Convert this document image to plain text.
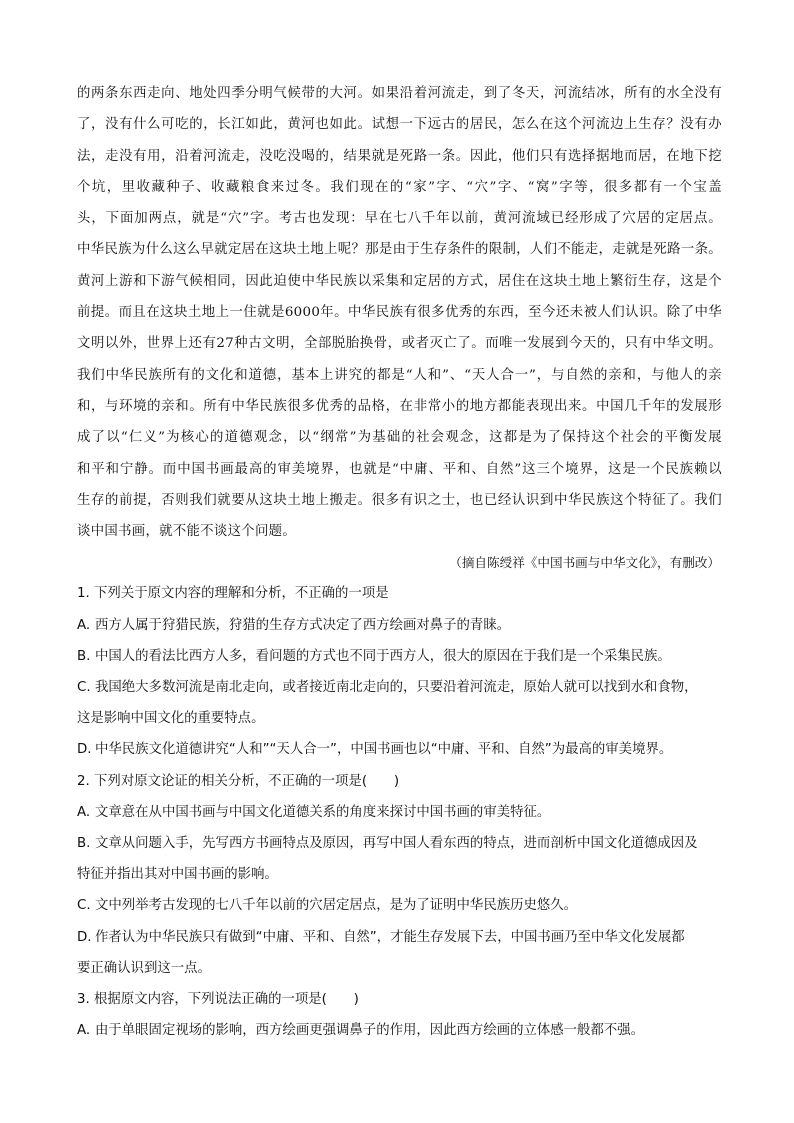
的两条东西走向、地处四季分明气候带的大河。如果沿着河流走，到了冬天，河流结冰，所有的水全没有
了，没有什么可吃的，长江如此，黄河也如此。试想一下远古的居民，怎么在这个河流边上生存？没有办
法，走没有用，沿着河流走，没吃没喝的，结果就是死路一条。因此，他们只有选择据地而居，在地下挖
个坑，里收藏种子、收藏粮食来过冬。我们现在的“家”字、“穴”字、“窝”字等，很多都有一个宝盖
头，下面加两点，就是“穴”字。考古也发现：早在七八千年以前，黄河流域已经形成了穴居的定居点。
中华民族为什么这么早就定居在这块土地上呢？那是由于生存条件的限制，人们不能走，走就是死路一条。
黄河上游和下游气候相同，因此迫使中华民族以采集和定居的方式，居住在这块土地上繁衍生存，这是个
前提。而且在这块土地上一住就是6000年。中华民族有很多优秀的东西，至今还未被人们认识。除了中华
文明以外，世界上还有27种古文明，全部脱胎换骨，或者灭亡了。而唯一发展到今天的，只有中华文明。
我们中华民族所有的文化和道德，基本上讲究的都是“人和”、“天人合一”，与自然的亲和，与他人的亲
和，与环境的亲和。所有中华民族很多优秀的品格，在非常小的地方都能表现出来。中国几千年的发展形
成了以“仁义”为核心的道德观念，以“纲常”为基础的社会观念，这都是为了保持这个社会的平衡发展
和平和宁静。而中国书画最高的审美境界，也就是“中庸、平和、自然”这三个境界，这是一个民族赖以
生存的前提，否则我们就要从这块土地上搬走。很多有识之士，也已经认识到中华民族这个特征了。我们
谈中国书画，就不能不谈这个问题。
（摘自陈绶祥《中国书画与中华文化》，有删改）
1. 下列关于原文内容的理解和分析，不正确的一项是
A. 西方人属于狩猎民族，狩猎的生存方式决定了西方绘画对鼻子的青睐。
B. 中国人的看法比西方人多，看问题的方式也不同于西方人，很大的原因在于我们是一个采集民族。
C. 我国绝大多数河流是南北走向，或者接近南北走向的，只要沿着河流走，原始人就可以找到水和食物，
这是影响中国文化的重要特点。
D. 中华民族文化道德讲究“人和”“天人合一”，中国书画也以“中庸、平和、自然”为最高的审美境界。
2. 下列对原文论证的相关分析，不正确的一项是(　　)
A. 文章意在从中国书画与中国文化道德关系的角度来探讨中国书画的审美特征。
B. 文章从问题入手，先写西方书画特点及原因，再写中国人看东西的特点，进而剖析中国文化道德成因及
特征并指出其对中国书画的影响。
C. 文中列举考古发现的七八千年以前的穴居定居点，是为了证明中华民族历史悠久。
D. 作者认为中华民族只有做到“中庸、平和、自然”，才能生存发展下去，中国书画乃至中华文化发展都
要正确认识到这一点。
3. 根据原文内容，下列说法正确的一项是(　　)
A. 由于单眼固定视场的影响，西方绘画更强调鼻子的作用，因此西方绘画的立体感一般都不强。
